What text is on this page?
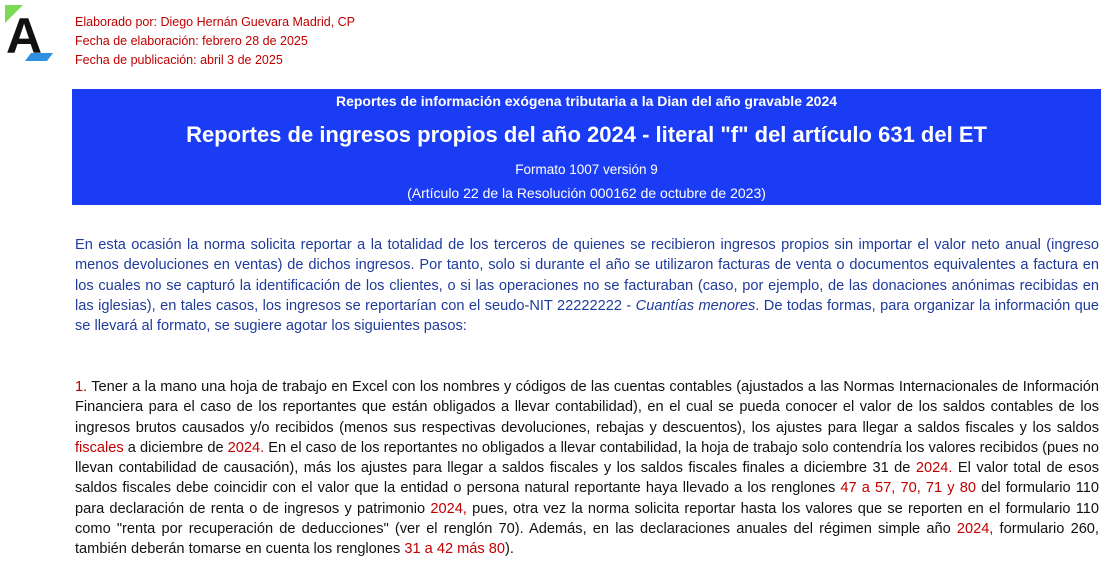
A	Elaborado por: Diego Hernán Guevara Madrid, CP
Fecha de elaboración: febrero 28 de 2025
Fecha de publicación: abril 3 de 2025
Reportes de información exógena tributaria a la Dian del año gravable 2024
Reportes de ingresos propios del año 2024 - literal "f" del artículo 631 del ET
Formato 1007 versión 9
(Artículo 22 de la Resolución 000162 de octubre de 2023)
En esta ocasión la norma solicita reportar a la totalidad de los terceros de quienes se recibieron ingresos propios sin importar el valor neto anual (ingreso menos devoluciones en ventas) de dichos ingresos. Por tanto, solo si durante el año se utilizaron facturas de venta o documentos equivalentes a factura en los cuales no se capturó la identificación de los clientes, o si las operaciones no se facturaban (caso, por ejemplo, de las donaciones anónimas recibidas en las iglesias), en tales casos, los ingresos se reportarían con el seudo-NIT 22222222 - Cuantías menores. De todas formas, para organizar la información que se llevará al formato, se sugiere agotar los siguientes pasos:
1. Tener a la mano una hoja de trabajo en Excel con los nombres y códigos de las cuentas contables (ajustados a las Normas Internacionales de Información Financiera para el caso de los reportantes que están obligados a llevar contabilidad), en el cual se pueda conocer el valor de los saldos contables de los ingresos brutos causados y/o recibidos (menos sus respectivas devoluciones, rebajas y descuentos), los ajustes para llegar a saldos fiscales y los saldos fiscales a diciembre de 2024. En el caso de los reportantes no obligados a llevar contabilidad, la hoja de trabajo solo contendría los valores recibidos (pues no llevan contabilidad de causación), más los ajustes para llegar a saldos fiscales y los saldos fiscales finales a diciembre 31 de 2024. El valor total de esos saldos fiscales debe coincidir con el valor que la entidad o persona natural reportante haya llevado a los renglones 47 a 57, 70, 71 y 80 del formulario 110 para declaración de renta o de ingresos y patrimonio 2024, pues, otra vez la norma solicita reportar hasta los valores que se reporten en el formulario 110 como "renta por recuperación de deducciones" (ver el renglón 70). Además, en las declaraciones anuales del régimen simple año 2024, formulario 260, también deberán tomarse en cuenta los renglones 31 a 42 más 80).
